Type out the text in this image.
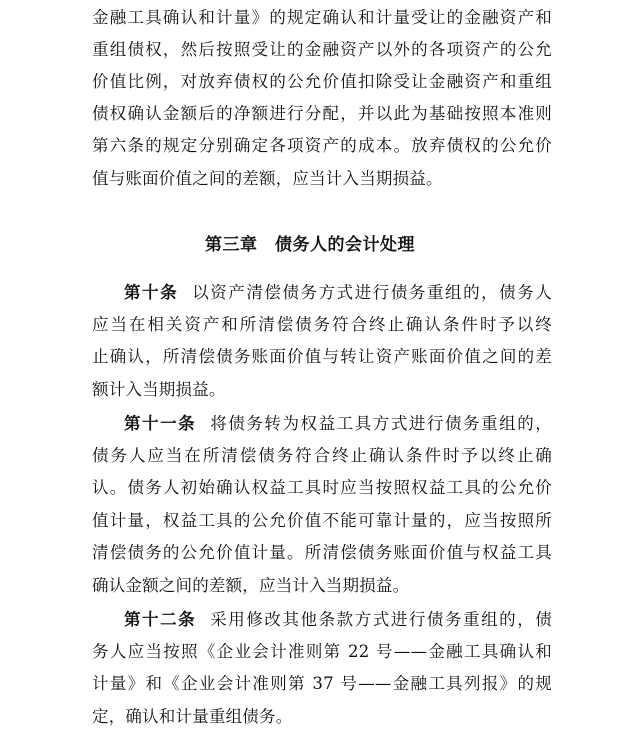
金融工具确认和计量》的规定确认和计量受让的金融资产和
重组债权，然后按照受让的金融资产以外的各项资产的公允
价值比例，对放弃债权的公允价值扣除受让金融资产和重组
债权确认金额后的净额进行分配，并以此为基础按照本准则
第六条的规定分别确定各项资产的成本。放弃债权的公允价
值与账面价值之间的差额，应当计入当期损益。
第三章　债务人的会计处理
第十条 以资产清偿债务方式进行债务重组的，债务人
应当在相关资产和所清偿债务符合终止确认条件时予以终
止确认，所清偿债务账面价值与转让资产账面价值之间的差
额计入当期损益。
第十一条 将债务转为权益工具方式进行债务重组的，
债务人应当在所清偿债务符合终止确认条件时予以终止确
认。债务人初始确认权益工具时应当按照权益工具的公允价
值计量，权益工具的公允价值不能可靠计量的，应当按照所
清偿债务的公允价值计量。所清偿债务账面价值与权益工具
确认金额之间的差额，应当计入当期损益。
第十二条 采用修改其他条款方式进行债务重组的，债
务人应当按照《企业会计准则第 22 号——金融工具确认和
计量》和《企业会计准则第 37 号——金融工具列报》的规
定，确认和计量重组债务。
